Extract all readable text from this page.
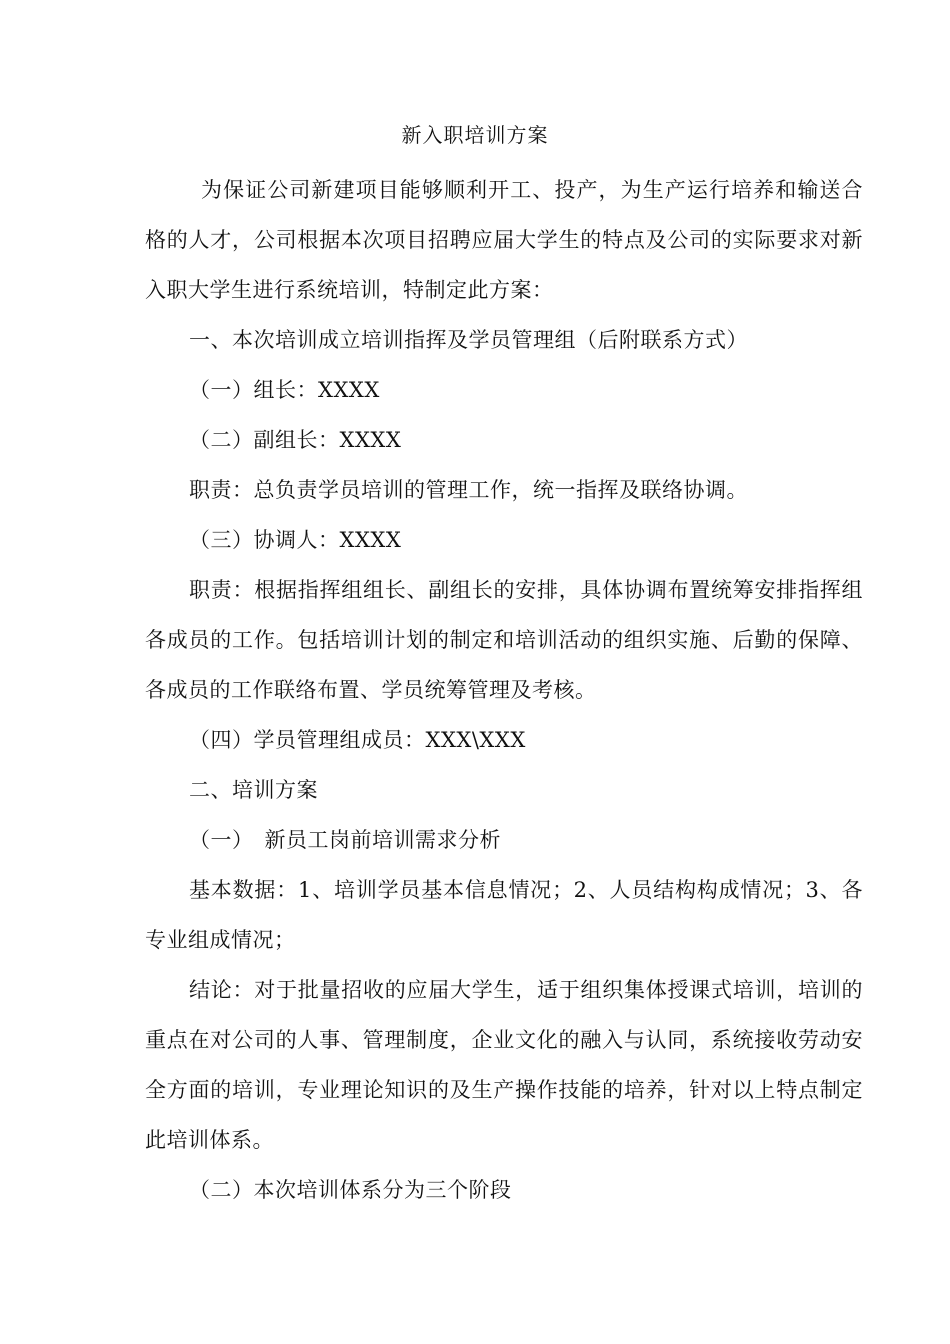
新入职培训方案

为保证公司新建项目能够顺利开工、投产，为生产运行培养和输送合格的人才，公司根据本次项目招聘应届大学生的特点及公司的实际要求对新入职大学生进行系统培训，特制定此方案：

一、本次培训成立培训指挥及学员管理组（后附联系方式）

（一）组长：XXXX

（二）副组长：XXXX

职责：总负责学员培训的管理工作，统一指挥及联络协调。

（三）协调人：XXXX

职责：根据指挥组组长、副组长的安排，具体协调布置统筹安排指挥组各成员的工作。包括培训计划的制定和培训活动的组织实施、后勤的保障、各成员的工作联络布置、学员统筹管理及考核。

（四）学员管理组成员：XXX\XXX

二、培训方案

（一）　新员工岗前培训需求分析

基本数据：1、培训学员基本信息情况；2、人员结构构成情况；3、各专业组成情况；

结论：对于批量招收的应届大学生，适于组织集体授课式培训，培训的重点在对公司的人事、管理制度，企业文化的融入与认同，系统接收劳动安全方面的培训，专业理论知识的及生产操作技能的培养，针对以上特点制定此培训体系。

（二）本次培训体系分为三个阶段
